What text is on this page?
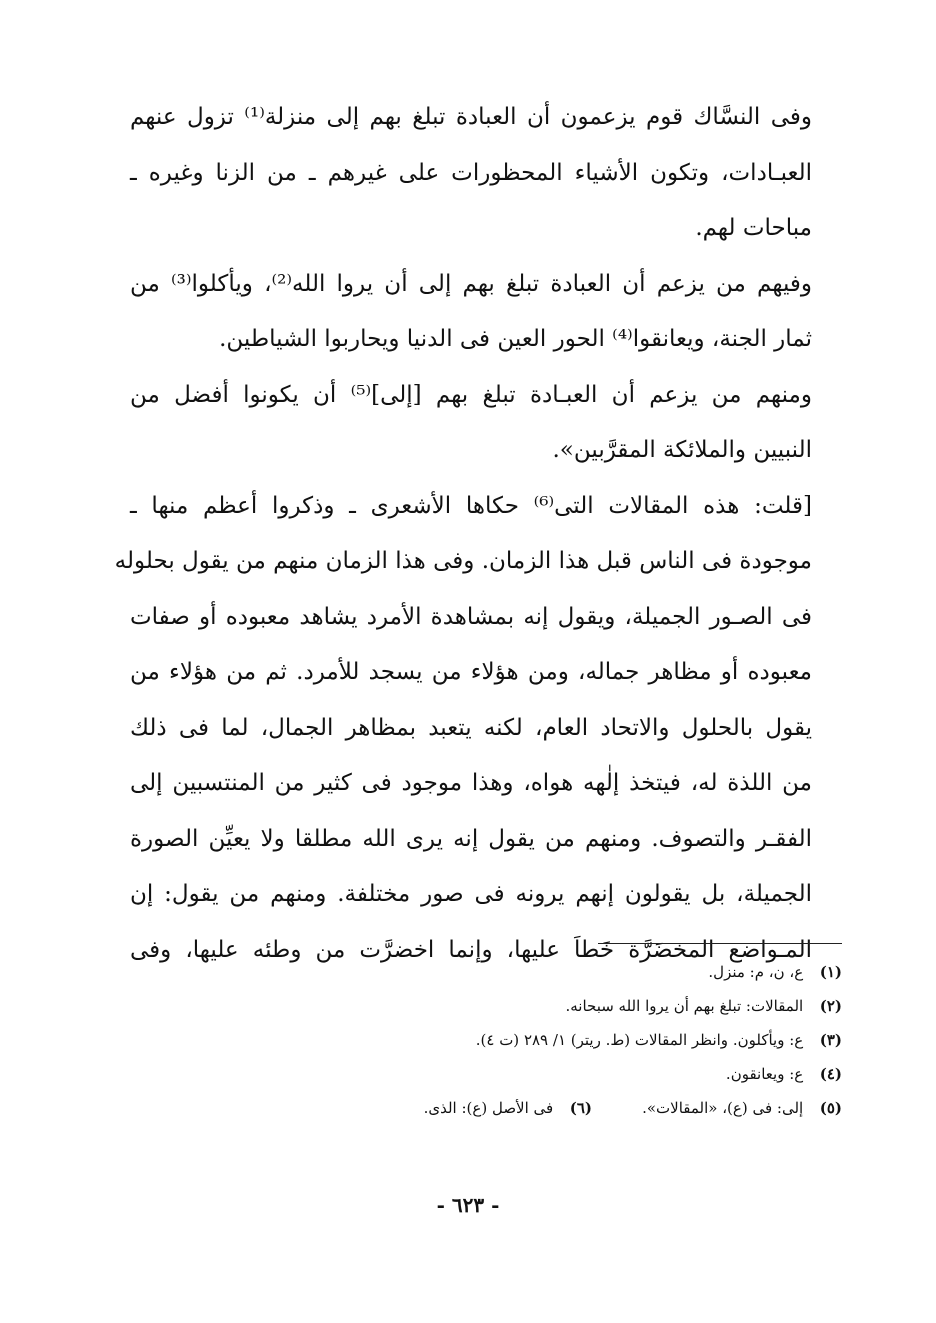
وفى النسَّاك قوم يزعمون أن العبادة تبلغ بهم إلى منزلة⁽¹⁾ تزول عنهم
العبـادات، وتكون الأشياء المحظورات على غيرهم ـ من الزنا وغيره ـ
مباحات لهم.

وفيهم من يزعم أن العبادة تبلغ بهم إلى أن يروا الله⁽²⁾، ويأكلوا⁽³⁾ من
ثمار الجنة، ويعانقوا⁽⁴⁾ الحور العين فى الدنيا ويحاربوا الشياطين.

ومنهم من يزعم أن العبـادة تبلغ بهم [إلى]⁽⁵⁾ أن يكونوا أفضل من
النبيين والملائكة المقرَّبين».

[قلت: هذه المقالات التى⁽⁶⁾ حكاها الأشعرى ـ وذكروا أعظم منها ـ
موجودة فى الناس قبل هذا الزمان. وفى هذا الزمان منهم من يقول بحلوله
فى الصـور الجميلة، ويقول إنه بمشاهدة الأمرد يشاهد معبوده أو صفات
معبوده أو مظاهر جماله، ومن هؤلاء من يسجد للأمرد. ثم من هؤلاء من
يقول بالحلول والاتحاد العام، لكنه يتعبد بمظاهر الجمال، لما فى ذلك
من اللذة له، فيتخذ إلٰهه هواه، وهذا موجود فى كثير من المنتسبين إلى
الفقـر والتصوف. ومنهم من يقول إنه يرى الله مطلقا ولا يعيِّن الصورة
الجميلة، بل يقولون إنهم يرونه فى صور مختلفة. ومنهم من يقول: إن
المـواضع المخضَرَّة خَطاَ عليها، وإنما اخضرَّت من وطئه عليها، وفى

(١) ع، ن، م: منزل.
(٢) المقالات: تبلغ بهم أن يروا الله سبحانه.
(٣) ع: ويأكلون. وانظر المقالات (ط. ريتر) ١/ ٢٨٩ (ت ٤).
(٤) ع: ويعانقون.
(٥) إلى: فى (ع)، «المقالات».
(٦) فى الأصل (ع): الذى.
- ٦٢٣ -
